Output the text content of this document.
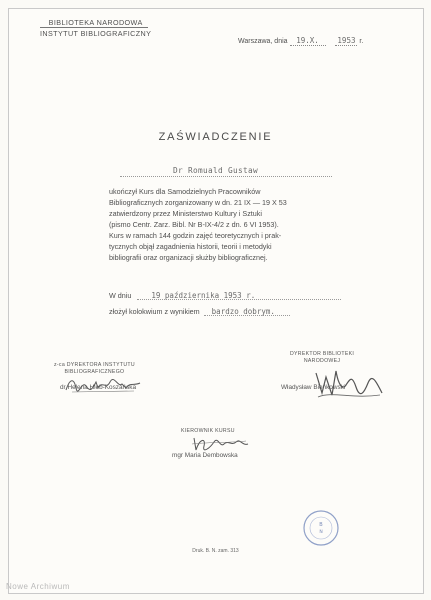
BIBLIOTEKA NARODOWA
INSTYTUT BIBLIOGRAFICZNY
Warszawa, dnia 19.X. 1953 r.
ZAŚWIADCZENIE
Dr Romuald Gustaw
ukończył Kurs dla Samodzielnych Pracowników
Bibliograficznych zorganizowany w dn. 21 IX — 19 X 53
zatwierdzony przez Ministerstwo Kultury i Sztuki
(pismo Centr. Zarz. Bibl. Nr B-IX-4/2 z dn. 6 VI 1953).
Kurs w ramach 144 godzin zajęć teoretycznych i prak-
tycznych objął zagadnienia historii, teorii i metodyki
bibliografii oraz organizacji służby bibliograficznej.
W dniu	19 października 1953 r.
złożył kolokwium z wynikiem bardzo dobrym.
z-ca DYREKTORA INSTYTUTU
BIBLIOGRAFICZNEGO
dr Helena Hleb-Koszańska
DYREKTOR BIBLIOTEKI
NARODOWEJ
Władysław Bieńkowski
KIEROWNIK KURSU
mgr Maria Dembowska
B
N
Druk. B. N. zam. 313
Nowe Archiwum
